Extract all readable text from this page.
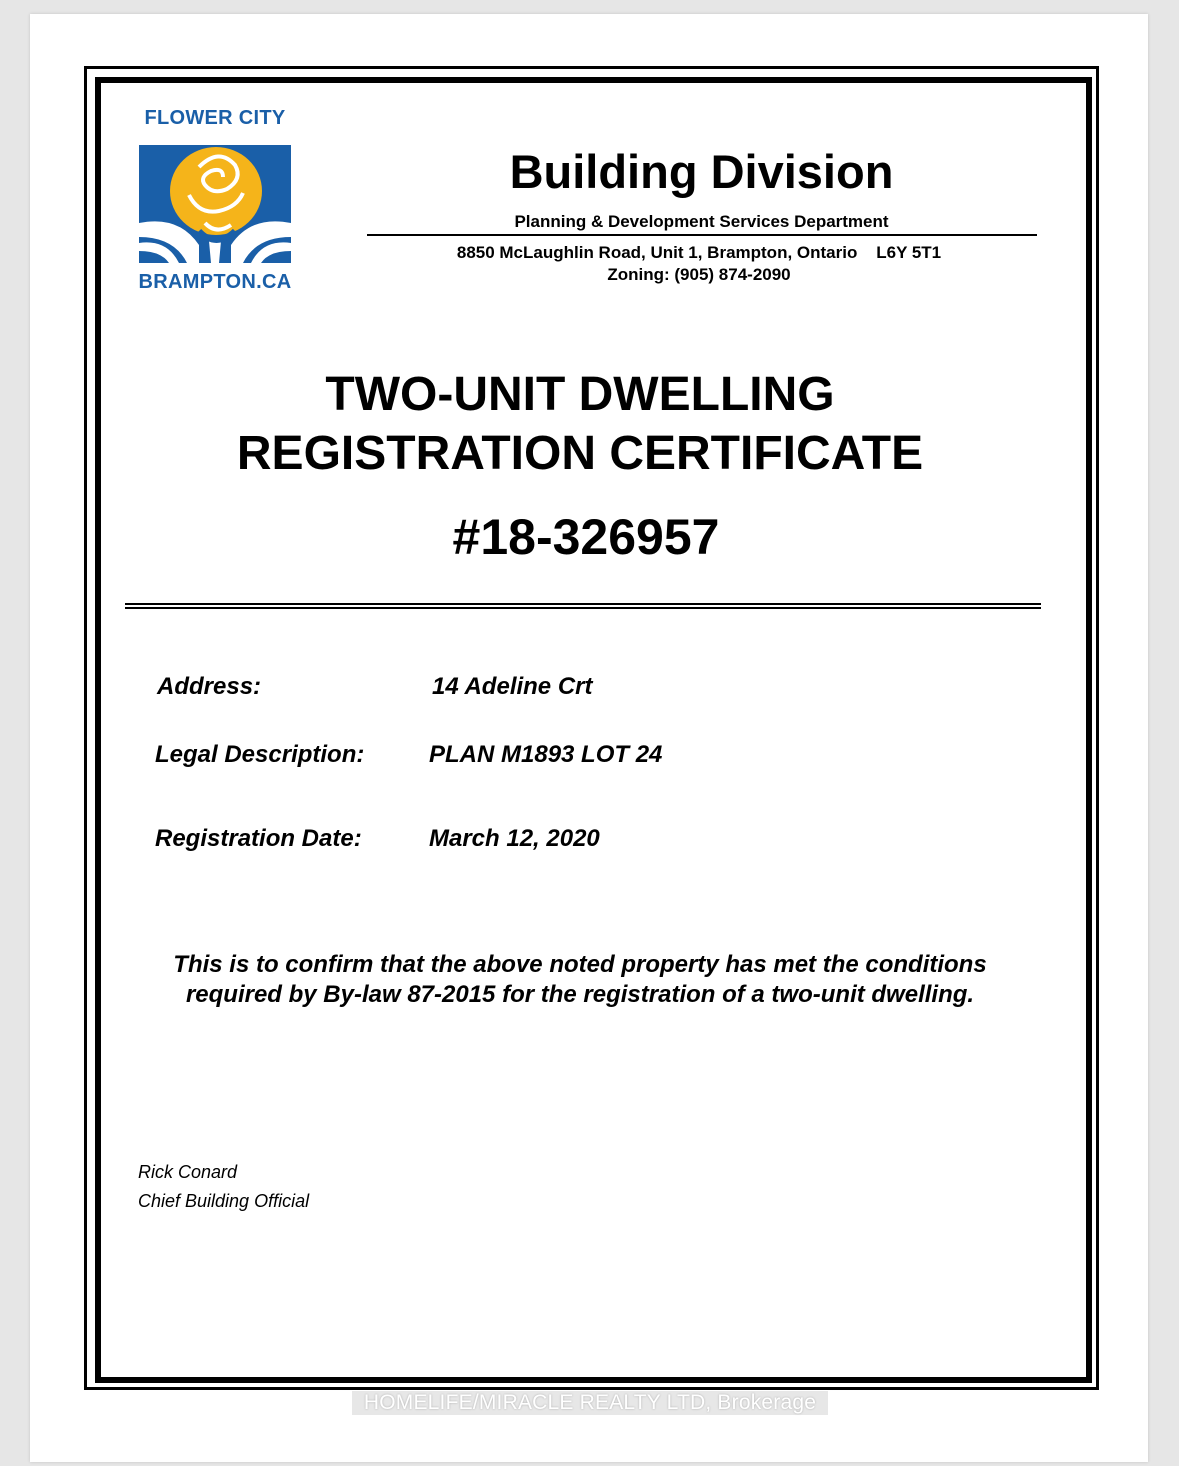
FLOWER CITY
BRAMPTON.CA
Building Division
Planning & Development Services Department
8850 McLaughlin Road, Unit 1, Brampton, Ontario    L6Y 5T1
Zoning: (905) 874-2090
TWO-UNIT DWELLING
REGISTRATION CERTIFICATE
#18-326957
Address:	14 Adeline Crt
Legal Description:	PLAN M1893 LOT 24
Registration Date:	March 12, 2020
This is to confirm that the above noted property has met the conditions
required by By-law 87-2015 for the registration of a two-unit dwelling.
Rick Conard
Chief Building Official
HOMELIFE/MIRACLE REALTY LTD, Brokerage
